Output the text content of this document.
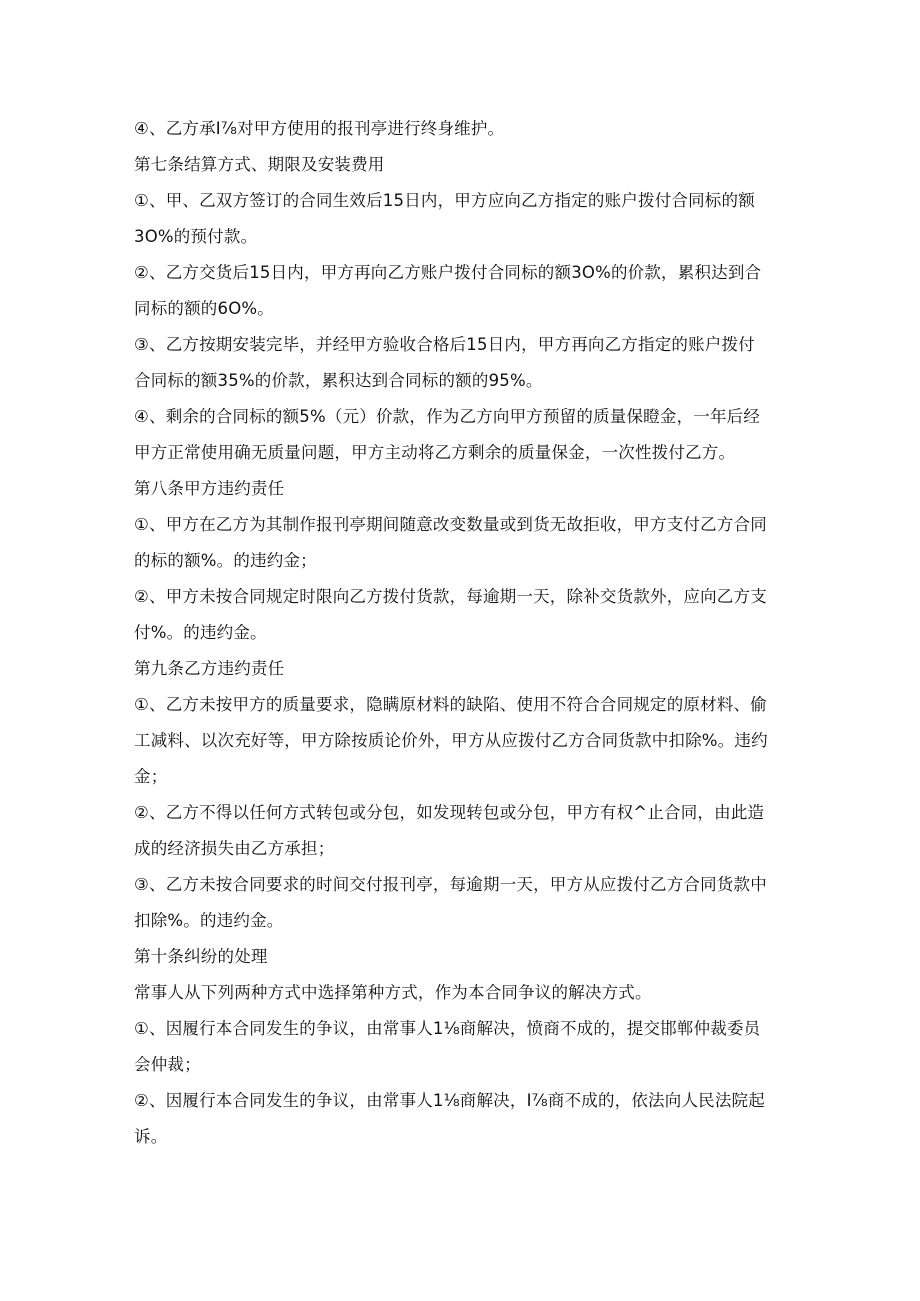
④、乙方承I⅞对甲方使用的报刊亭进行终身维护。
第七条结算方式、期限及安装费用
①、甲、乙双方签订的合同生效后15日内，甲方应向乙方指定的账户拨付合同标的额
3O%的预付款。
②、乙方交货后15日内，甲方再向乙方账户拨付合同标的额3O%的价款，累积达到合
同标的额的6O%。
③、乙方按期安装完毕，并经甲方验收合格后15日内，甲方再向乙方指定的账户拨付
合同标的额35%的价款，累积达到合同标的额的95%。
④、剩余的合同标的额5%（元）价款，作为乙方向甲方预留的质量保瞪金，一年后经
甲方正常使用确无质量问题，甲方主动将乙方剩余的质量保金，一次性拨付乙方。
第八条甲方违约责任
①、甲方在乙方为其制作报刊亭期间随意改变数量或到货无故拒收，甲方支付乙方合同
的标的额%。的违约金；
②、甲方未按合同规定时限向乙方拨付货款，每逾期一天，除补交货款外，应向乙方支
付%。的违约金。
第九条乙方违约责任
①、乙方未按甲方的质量要求，隐瞒原材料的缺陷、使用不符合合同规定的原材料、偷
工减料、以次充好等，甲方除按质论价外，甲方从应拨付乙方合同货款中扣除%。违约
金；
②、乙方不得以任何方式转包或分包，如发现转包或分包，甲方有权^止合同，由此造
成的经济损失由乙方承担；
③、乙方未按合同要求的时间交付报刊亭，每逾期一天，甲方从应拨付乙方合同货款中
扣除%。的违约金。
第十条纠纷的处理
常事人从下列两种方式中选择第种方式，作为本合同争议的解决方式。
①、因履行本合同发生的争议，由常事人1⅛商解决，愤商不成的，提交邯郸仲裁委员
会仲裁；
②、因履行本合同发生的争议，由常事人1⅛商解决，I⅞商不成的，依法向人民法院起
诉。
